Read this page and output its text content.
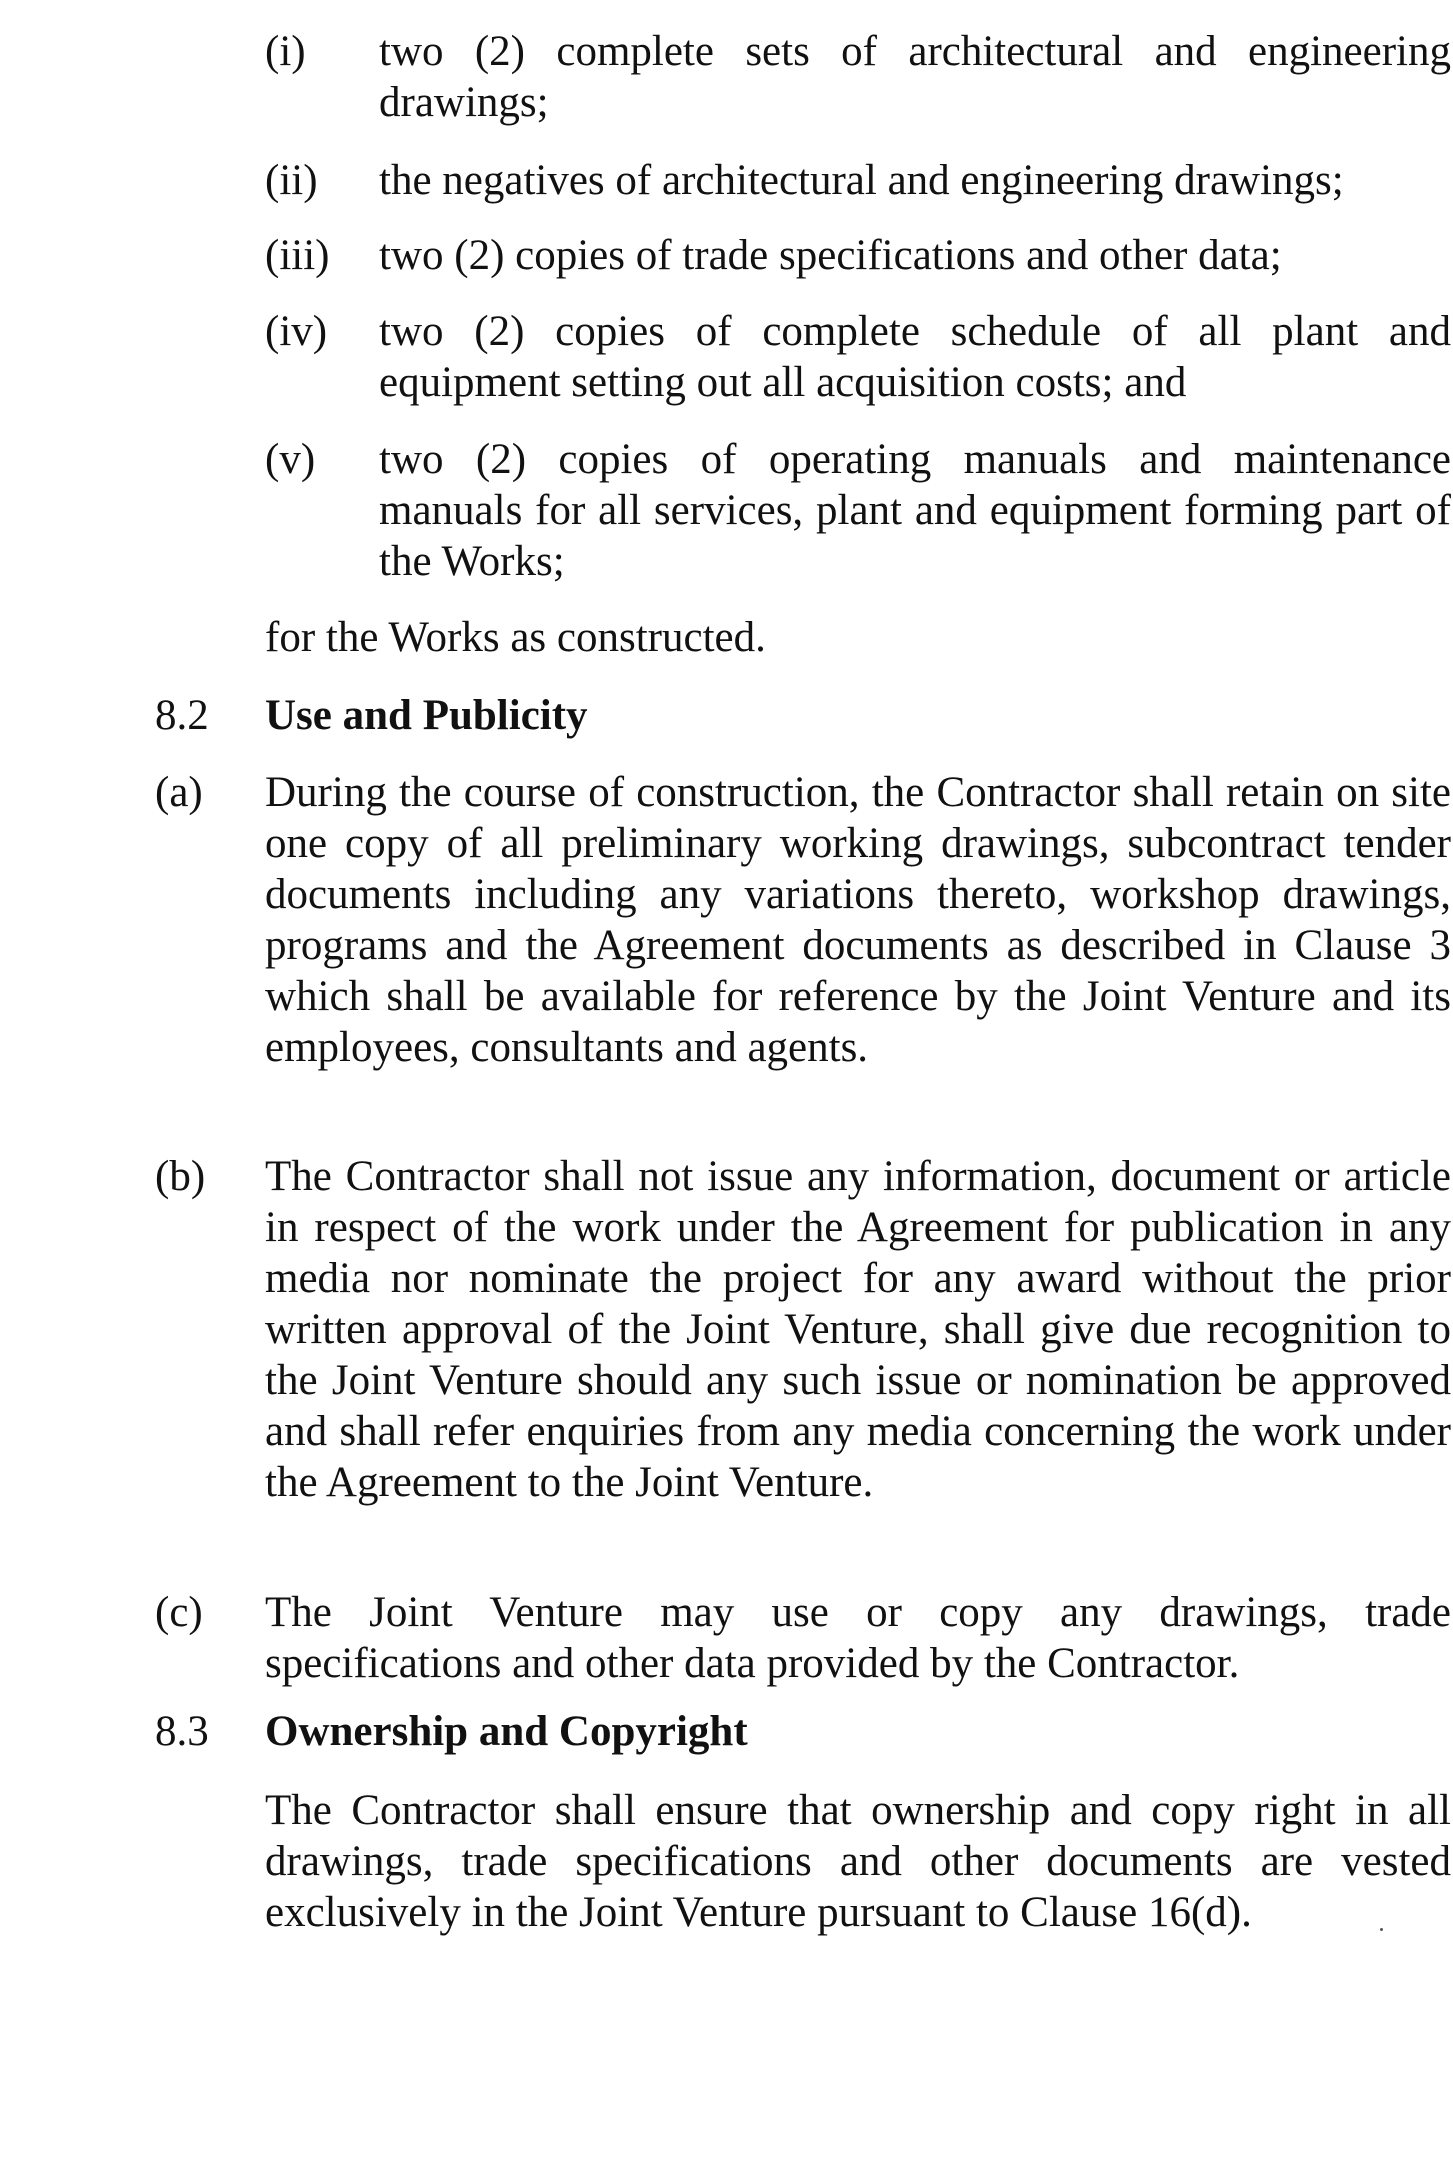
(i)	two (2) complete sets of architectural and engineering drawings;
(ii)	the negatives of architectural and engineering drawings;
(iii)	two (2) copies of trade specifications and other data;
(iv)	two (2) copies of complete schedule of all plant and equipment setting out all acquisition costs; and
(v)	two (2) copies of operating manuals and maintenance manuals for all services, plant and equipment forming part of the Works;
for the Works as constructed.
8.2	Use and Publicity
(a)	During the course of construction, the Contractor shall retain on site one copy of all preliminary working drawings, subcontract tender documents including any variations thereto, workshop drawings, programs and the Agreement documents as described in Clause 3 which shall be available for reference by the Joint Venture and its employees, consultants and agents.
(b)	The Contractor shall not issue any information, document or article in respect of the work under the Agreement for publication in any media nor nominate the project for any award without the prior written approval of the Joint Venture, shall give due recognition to the Joint Venture should any such issue or nomination be approved and shall refer enquiries from any media concerning the work under the Agreement to the Joint Venture.
(c)	The Joint Venture may use or copy any drawings, trade specifications and other data provided by the Contractor.
8.3	Ownership and Copyright
The Contractor shall ensure that ownership and copy right in all drawings, trade specifications and other documents are vested exclusively in the Joint Venture pursuant to Clause 16(d).
